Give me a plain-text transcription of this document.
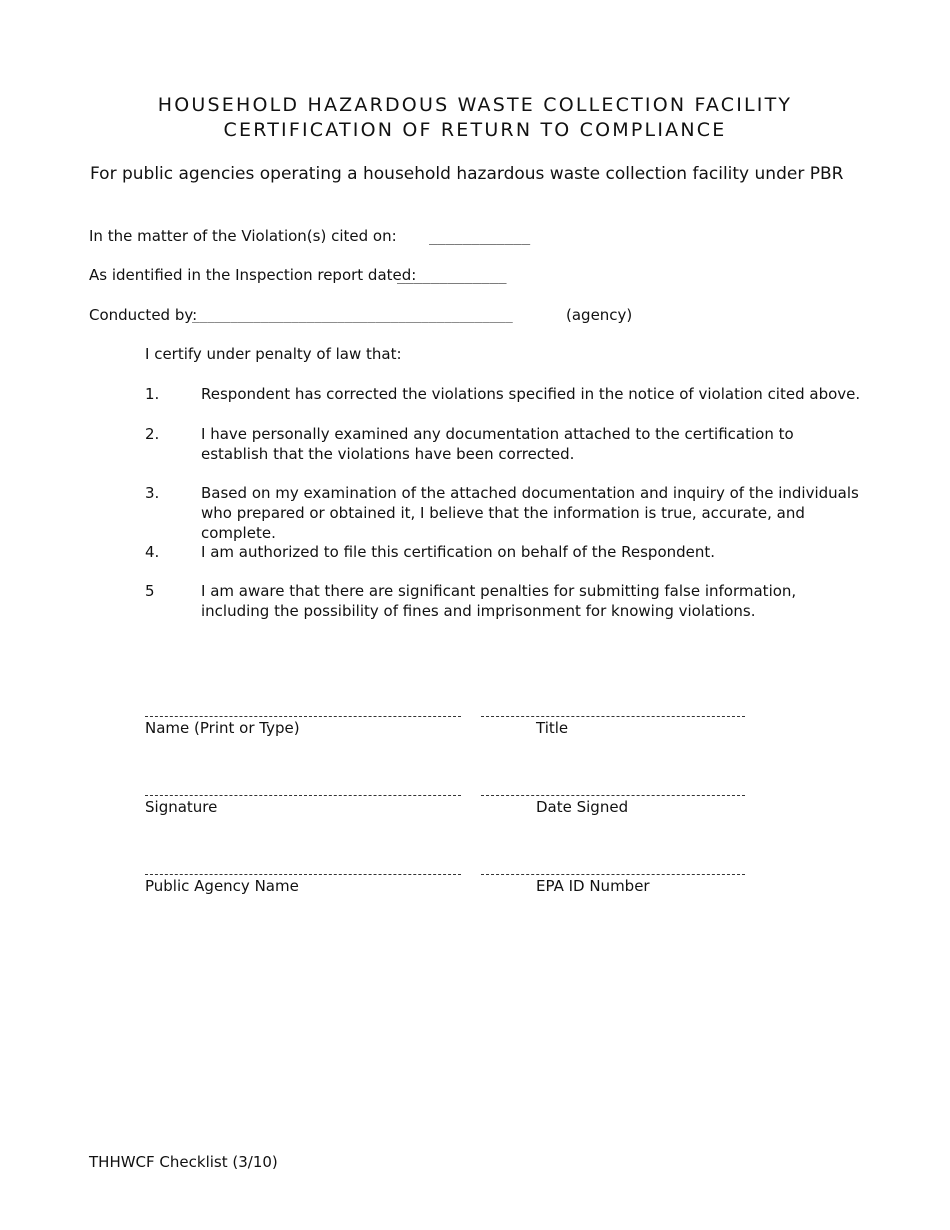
HOUSEHOLD HAZARDOUS WASTE COLLECTION FACILITY
CERTIFICATION OF RETURN TO COMPLIANCE
For public agencies operating a household hazardous waste collection facility under PBR
In the matter of the Violation(s) cited on: ____________
As identified in the Inspection report dated:
_____________
Conducted by:
__________________________________________	(agency)
I certify under penalty of law that:
1.	Respondent has corrected the violations specified in the notice of violation cited above.
2.	I have personally examined any documentation attached to the certification to establish that the violations have been corrected.
3.	Based on my examination of the attached documentation and inquiry of the individuals who prepared or obtained it, I believe that the information is true, accurate, and complete.
4.	I am authorized to file this certification on behalf of the Respondent.
5	I am aware that there are significant penalties for submitting false information, including the possibility of fines and imprisonment for knowing violations.
Name (Print or Type)	Title
Signature	Date Signed
Public Agency Name	EPA ID Number
THHWCF Checklist (3/10)
